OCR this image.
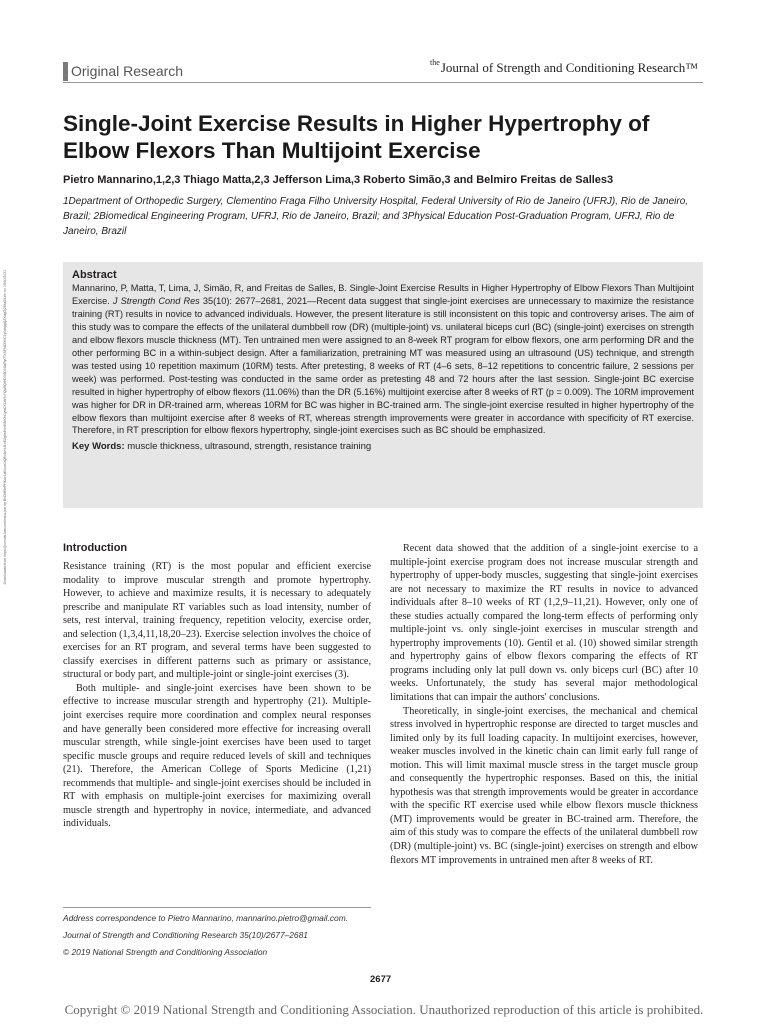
Original Research
$^{the}$Journal of Strength and Conditioning Research™
Single-Joint Exercise Results in Higher Hypertrophy of Elbow Flexors Than Multijoint Exercise

Pietro Mannarino,1,2,3 Thiago Matta,2,3 Jefferson Lima,3 Roberto Simão,3 and Belmiro Freitas de Salles3

1Department of Orthopedic Surgery, Clementino Fraga Filho University Hospital, Federal University of Rio de Janeiro (UFRJ), Rio de Janeiro, Brazil; 2Biomedical Engineering Program, UFRJ, Rio de Janeiro, Brazil; and 3Physical Education Post-Graduation Program, UFRJ, Rio de Janeiro, Brazil

Downloaded from https://journals.lww.com/nsca-jscr by BhDMf5ePHKav1zEoum1tQfN4a+kJLhEZgbsIHo4XMi0hCywCX1AWnYQp/IlQrHD3i3D0OdRyi7TvSFl4Cf3VC1y0abggQZXdgGj2MwlZLel= on 09/30/2021	Abstract

Mannarino, P, Matta, T, Lima, J, Simão, R, and Freitas de Salles, B. Single-Joint Exercise Results in Higher Hypertrophy of Elbow Flexors Than Multijoint Exercise. J Strength Cond Res 35(10): 2677–2681, 2021—Recent data suggest that single-joint exercises are unnecessary to maximize the resistance training (RT) results in novice to advanced individuals. However, the present literature is still inconsistent on this topic and controversy arises. The aim of this study was to compare the effects of the unilateral dumbbell row (DR) (multiple-joint) vs. unilateral biceps curl (BC) (single-joint) exercises on strength and elbow flexors muscle thickness (MT). Ten untrained men were assigned to an 8-week RT program for elbow flexors, one arm performing DR and the other performing BC in a within-subject design. After a familiarization, pretraining MT was measured using an ultrasound (US) technique, and strength was tested using 10 repetition maximum (10RM) tests. After pretesting, 8 weeks of RT (4–6 sets, 8–12 repetitions to concentric failure, 2 sessions per week) was performed. Post-testing was conducted in the same order as pretesting 48 and 72 hours after the last session. Single-joint BC exercise resulted in higher hypertrophy of elbow flexors (11.06%) than the DR (5.16%) multijoint exercise after 8 weeks of RT (p = 0.009). The 10RM improvement was higher for DR in DR-trained arm, whereas 10RM for BC was higher in BC-trained arm. The single-joint exercise resulted in higher hypertrophy of the elbow flexors than multijoint exercise after 8 weeks of RT, whereas strength improvements were greater in accordance with specificity of RT exercise. Therefore, in RT prescription for elbow flexors hypertrophy, single-joint exercises such as BC should be emphasized.

Key Words: muscle thickness, ultrasound, strength, resistance training

Introduction

Resistance training (RT) is the most popular and efficient exercise modality to improve muscular strength and promote hypertrophy. However, to achieve and maximize results, it is necessary to adequately prescribe and manipulate RT variables such as load intensity, number of sets, rest interval, training frequency, repetition velocity, exercise order, and selection (1,3,4,11,18,20–23). Exercise selection involves the choice of exercises for an RT program, and several terms have been suggested to classify exercises in different patterns such as primary or assistance, structural or body part, and multiple-joint or single-joint exercises (3).

Both multiple- and single-joint exercises have been shown to be effective to increase muscular strength and hypertrophy (21). Multiple-joint exercises require more coordination and complex neural responses and have generally been considered more effective for increasing overall muscular strength, while single-joint exercises have been used to target specific muscle groups and require reduced levels of skill and techniques (21). Therefore, the American College of Sports Medicine (1,21) recommends that multiple- and single-joint exercises should be included in RT with emphasis on multiple-joint exercises for maximizing overall muscle strength and hypertrophy in novice, intermediate, and advanced individuals.

Recent data showed that the addition of a single-joint exercise to a multiple-joint exercise program does not increase muscular strength and hypertrophy of upper-body muscles, suggesting that single-joint exercises are not necessary to maximize the RT results in novice to advanced individuals after 8–10 weeks of RT (1,2,9–11,21). However, only one of these studies actually compared the long-term effects of performing only multiple-joint vs. only single-joint exercises in muscular strength and hypertrophy improvements (10). Gentil et al. (10) showed similar strength and hypertrophy gains of elbow flexors comparing the effects of RT programs including only lat pull down vs. only biceps curl (BC) after 10 weeks. Unfortunately, the study has several major methodological limitations that can impair the authors' conclusions.

Theoretically, in single-joint exercises, the mechanical and chemical stress involved in hypertrophic response are directed to target muscles and limited only by its full loading capacity. In multijoint exercises, however, weaker muscles involved in the kinetic chain can limit early full range of motion. This will limit maximal muscle stress in the target muscle group and consequently the hypertrophic responses. Based on this, the initial hypothesis was that strength improvements would be greater in accordance with the specific RT exercise used while elbow flexors muscle thickness (MT) improvements would be greater in BC-trained arm. Therefore, the aim of this study was to compare the effects of the unilateral dumbbell row (DR) (multiple-joint) vs. BC (single-joint) exercises on strength and elbow flexors MT improvements in untrained men after 8 weeks of RT.

Address correspondence to Pietro Mannarino, mannarino.pietro@gmail.com.
Journal of Strength and Conditioning Research 35(10)/2677–2681
© 2019 National Strength and Conditioning Association
2677
Copyright © 2019 National Strength and Conditioning Association. Unauthorized reproduction of this article is prohibited.
